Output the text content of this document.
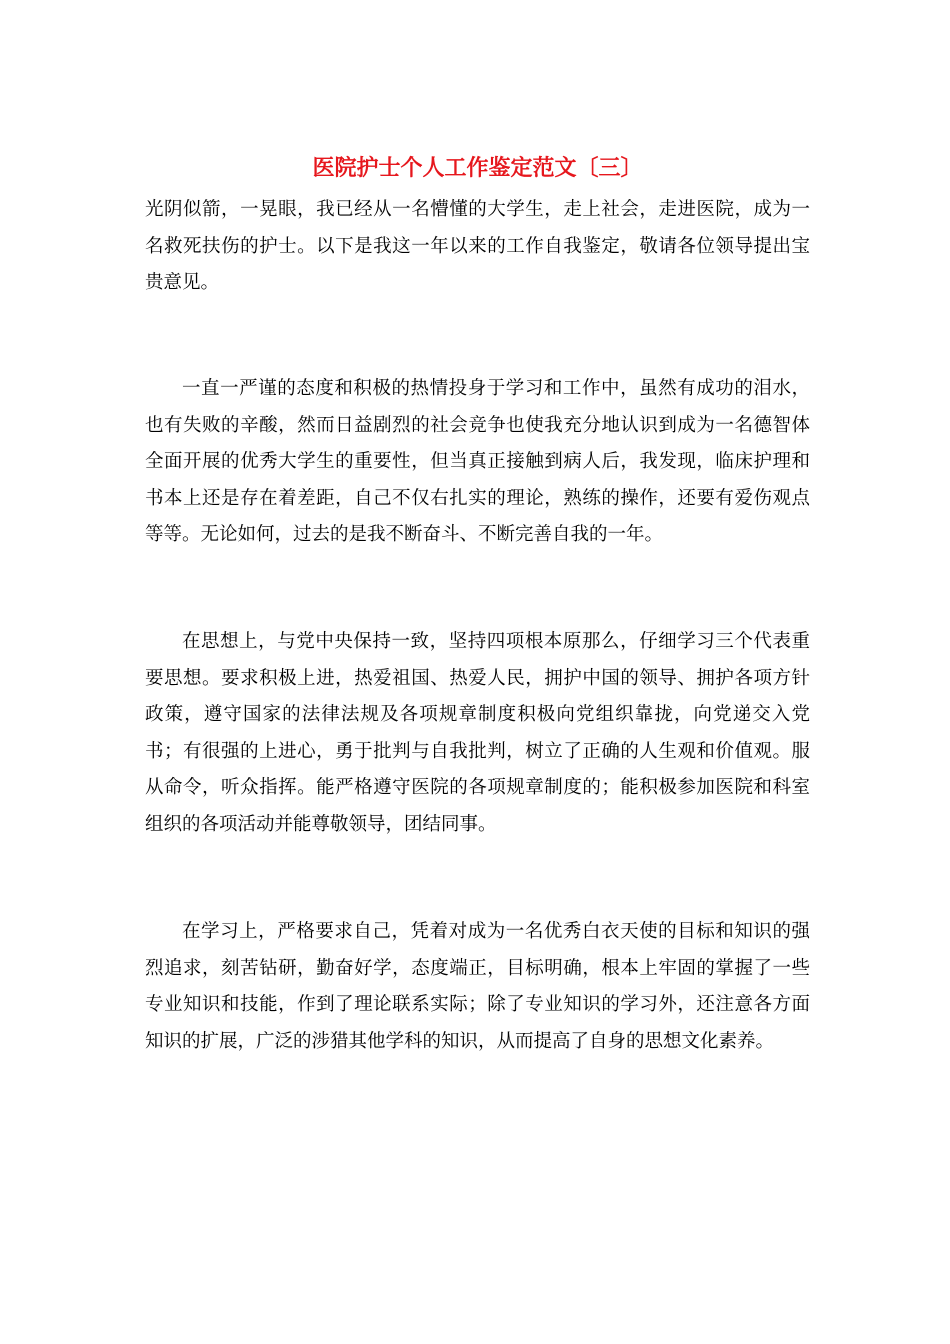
医院护士个人工作鉴定范文〔三〕

光阴似箭，一晃眼，我已经从一名懵懂的大学生，走上社会，走进医院，成为一名救死扶伤的护士。以下是我这一年以来的工作自我鉴定，敬请各位领导提出宝贵意见。

一直一严谨的态度和积极的热情投身于学习和工作中，虽然有成功的泪水，也有失败的辛酸，然而日益剧烈的社会竞争也使我充分地认识到成为一名德智体全面开展的优秀大学生的重要性，但当真正接触到病人后，我发现，临床护理和书本上还是存在着差距，自己不仅右扎实的理论，熟练的操作，还要有爱伤观点等等。无论如何，过去的是我不断奋斗、不断完善自我的一年。

在思想上，与党中央保持一致，坚持四项根本原那么，仔细学习三个代表重要思想。要求积极上进，热爱祖国、热爱人民，拥护中国的领导、拥护各项方针政策，遵守国家的法律法规及各项规章制度积极向党组织靠拢，向党递交入党书；有很强的上进心，勇于批判与自我批判，树立了正确的人生观和价值观。服从命令，听众指挥。能严格遵守医院的各项规章制度的；能积极参加医院和科室组织的各项活动并能尊敬领导，团结同事。

在学习上，严格要求自己，凭着对成为一名优秀白衣天使的目标和知识的强烈追求，刻苦钻研，勤奋好学，态度端正，目标明确，根本上牢固的掌握了一些专业知识和技能，作到了理论联系实际；除了专业知识的学习外，还注意各方面知识的扩展，广泛的涉猎其他学科的知识，从而提高了自身的思想文化素养。
